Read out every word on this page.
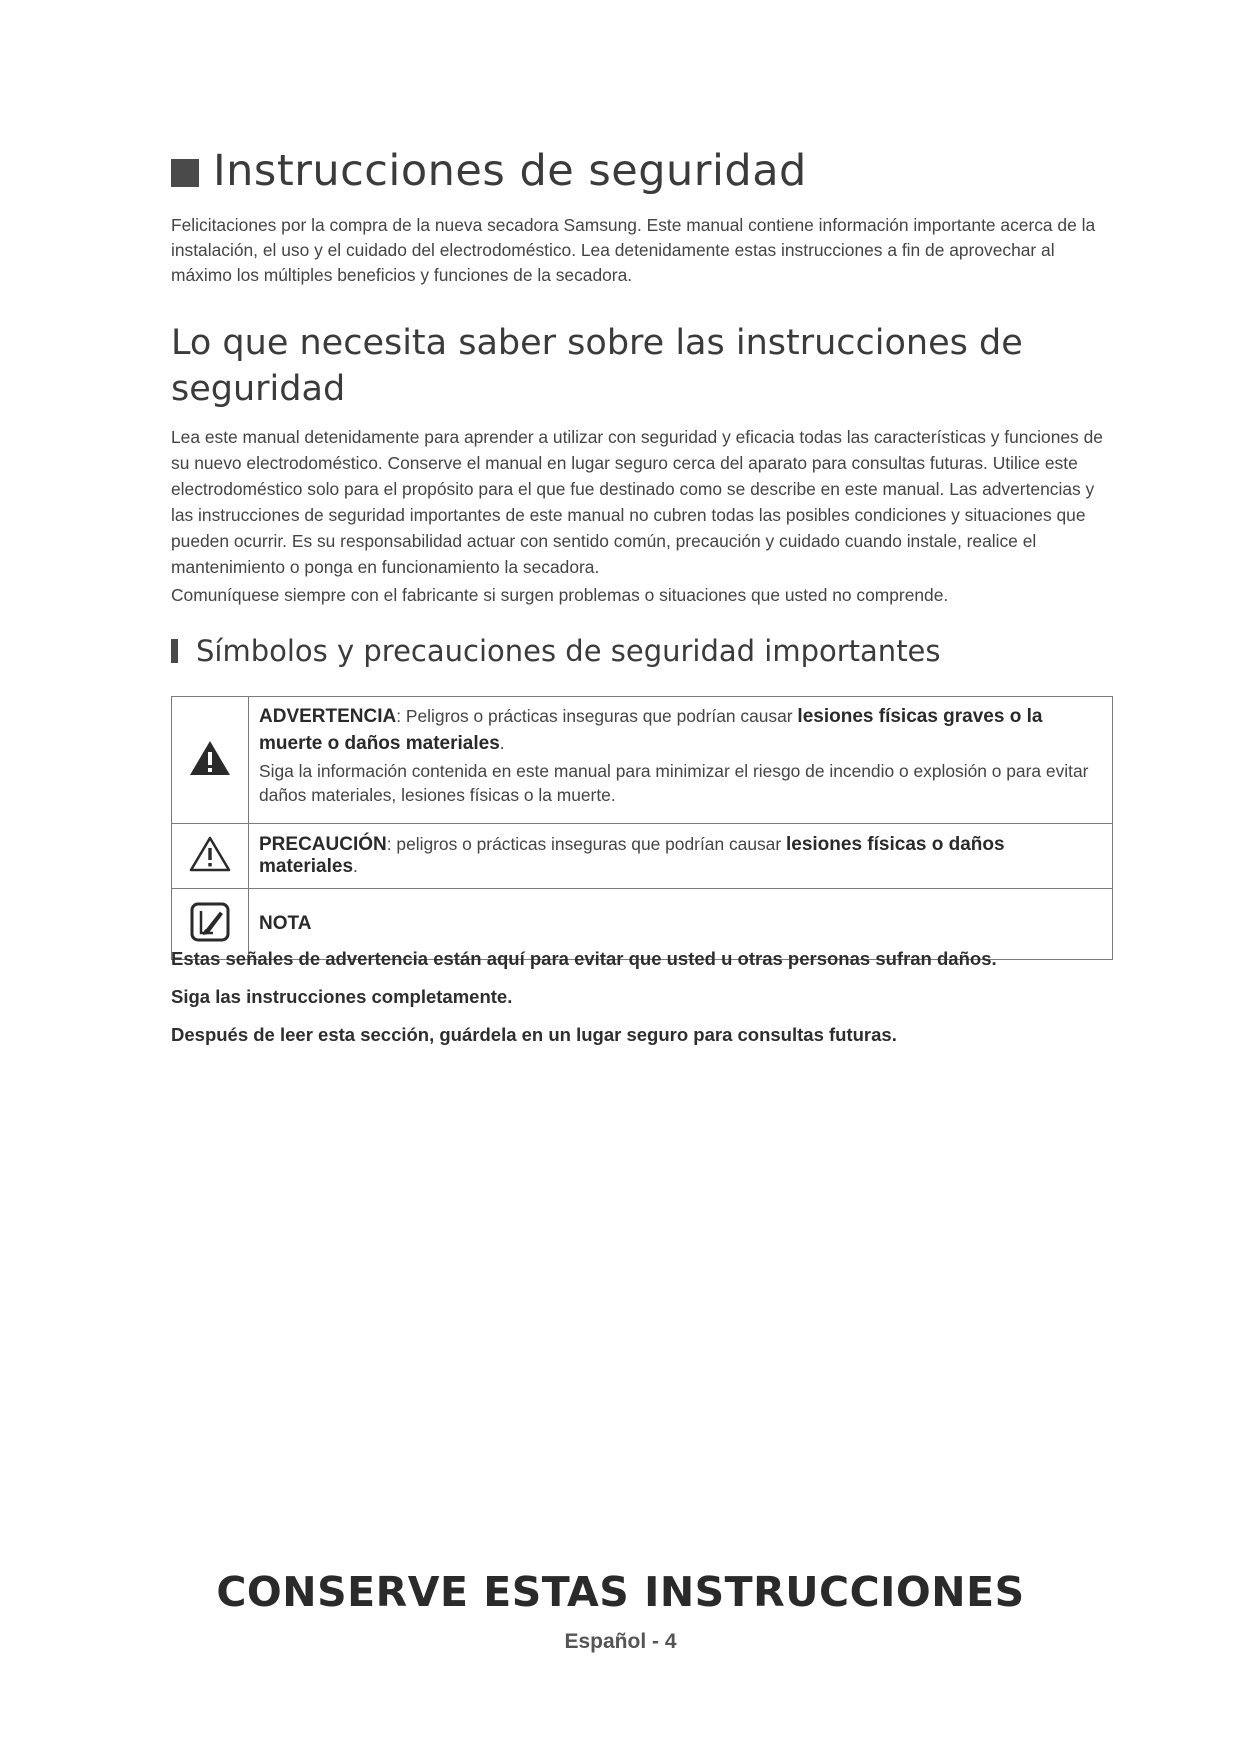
Instrucciones de seguridad
Felicitaciones por la compra de la nueva secadora Samsung. Este manual contiene información importante acerca de la instalación, el uso y el cuidado del electrodoméstico. Lea detenidamente estas instrucciones a fin de aprovechar al máximo los múltiples beneficios y funciones de la secadora.
Lo que necesita saber sobre las instrucciones de seguridad

Lea este manual detenidamente para aprender a utilizar con seguridad y eficacia todas las características y funciones de su nuevo electrodoméstico. Conserve el manual en lugar seguro cerca del aparato para consultas futuras. Utilice este electrodoméstico solo para el propósito para el que fue destinado como se describe en este manual. Las advertencias y las instrucciones de seguridad importantes de este manual no cubren todas las posibles condiciones y situaciones que pueden ocurrir. Es su responsabilidad actuar con sentido común, precaución y cuidado cuando instale, realice el mantenimiento o ponga en funcionamiento la secadora.

Comuníquese siempre con el fabricante si surgen problemas o situaciones que usted no comprende.

Símbolos y precauciones de seguridad importantes

ADVERTENCIA: Peligros o prácticas inseguras que podrían causar lesiones físicas graves o la muerte o daños materiales.
Siga la información contenida en este manual para minimizar el riesgo de incendio o explosión o para evitar daños materiales, lesiones físicas o la muerte.

	PRECAUCIÓN: peligros o prácticas inseguras que podrían causar lesiones físicas o daños materiales.
	NOTA

Estas señales de advertencia están aquí para evitar que usted u otras personas sufran daños.

Siga las instrucciones completamente.

Después de leer esta sección, guárdela en un lugar seguro para consultas futuras.

CONSERVE ESTAS INSTRUCCIONES
Español - 4
